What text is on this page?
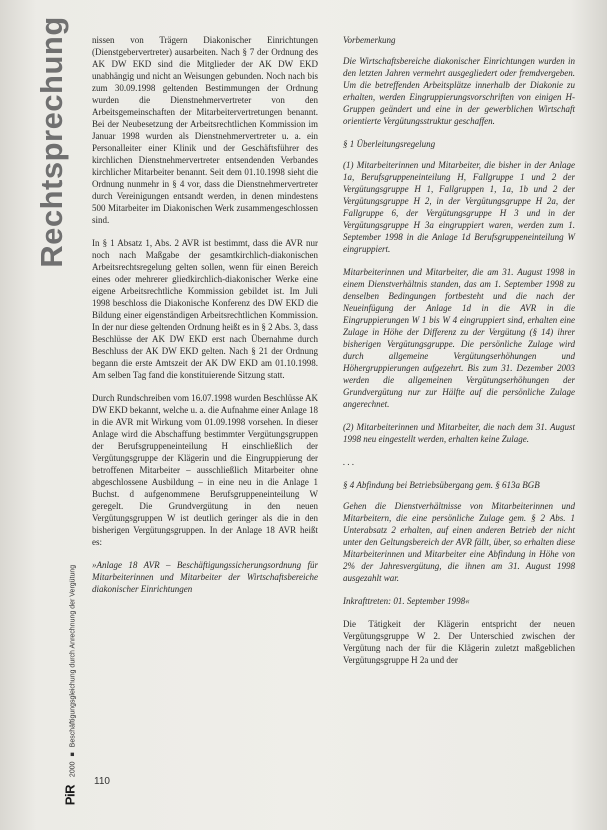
Rechtsprechung
PiR 2000 ■ Beschäftigungsgleichung durch Anrechnung der Vergütung
110

nissen von Trägern Diakonischer Einrichtungen (Dienstgebervertreter) ausarbeiten. Nach § 7 der Ordnung des AK DW EKD sind die Mitglieder der AK DW EKD unabhängig und nicht an Weisungen gebunden. Noch nach bis zum 30.09.1998 geltenden Bestimmungen der Ordnung wurden die Dienstnehmervertreter von den Arbeitsgemeinschaften der Mitarbeitervertretungen benannt. Bei der Neubesetzung der Arbeitsrechtlichen Kommission im Januar 1998 wurden als Dienstnehmervertreter u. a. ein Personalleiter einer Klinik und der Geschäftsführer des kirchlichen Dienstnehmervertreter entsendenden Verbandes kirchlicher Mitarbeiter benannt. Seit dem 01.10.1998 sieht die Ordnung nunmehr in § 4 vor, dass die Dienstnehmervertreter durch Vereinigungen entsandt werden, in denen mindestens 500 Mitarbeiter im Diakonischen Werk zusammengeschlossen sind.

In § 1 Absatz 1, Abs. 2 AVR ist bestimmt, dass die AVR nur noch nach Maßgabe der gesamtkirchlich-diakonischen Arbeitsrechtsregelung gelten sollen, wenn für einen Bereich eines oder mehrerer gliedkirchlich-diakonischer Werke eine eigene Arbeitsrechtliche Kommission gebildet ist. Im Juli 1998 beschloss die Diakonische Konferenz des DW EKD die Bildung einer eigenständigen Arbeitsrechtlichen Kommission. In der nur diese geltenden Ordnung heißt es in § 2 Abs. 3, dass Beschlüsse der AK DW EKD erst nach Übernahme durch Beschluss der AK DW EKD gelten. Nach § 21 der Ordnung begann die erste Amtszeit der AK DW EKD am 01.10.1998. Am selben Tag fand die konstituierende Sitzung statt.

Durch Rundschreiben vom 16.07.1998 wurden Beschlüsse AK DW EKD bekannt, welche u. a. die Aufnahme einer Anlage 18 in die AVR mit Wirkung vom 01.09.1998 vorsehen. In dieser Anlage wird die Abschaffung bestimmter Vergütungsgruppen der Berufsgruppeneinteilung H einschließlich der Vergütungsgruppe der Klägerin und die Eingruppierung der betroffenen Mitarbeiter – ausschließlich Mitarbeiter ohne abgeschlossene Ausbildung – in eine neu in die Anlage 1 Buchst. d aufgenommene Berufsgruppeneinteilung W geregelt. Die Grundvergütung in den neuen Vergütungsgruppen W ist deutlich geringer als die in den bisherigen Vergütungsgruppen. In der Anlage 18 AVR heißt es:

»Anlage 18 AVR – Beschäftigungssicherungsordnung für Mitarbeiterinnen und Mitarbeiter der Wirtschaftsbereiche diakonischer Einrichtungen

Vorbemerkung

Die Wirtschaftsbereiche diakonischer Einrichtungen wurden in den letzten Jahren vermehrt ausgegliedert oder fremdvergeben. Um die betreffenden Arbeitsplätze innerhalb der Diakonie zu erhalten, werden Eingruppierungsvorschriften von einigen H-Gruppen geändert und eine in der gewerblichen Wirtschaft orientierte Vergütungsstruktur geschaffen.

§ 1 Überleitungsregelung

(1) Mitarbeiterinnen und Mitarbeiter, die bisher in der Anlage 1a, Berufsgruppeneinteilung H, Fallgruppe 1 und 2 der Vergütungsgruppe H 1, Fallgruppen 1, 1a, 1b und 2 der Vergütungsgruppe H 2, in der Vergütungsgruppe H 2a, der Fallgruppe 6, der Vergütungsgruppe H 3 und in der Vergütungsgruppe H 3a eingruppiert waren, werden zum 1. September 1998 in die Anlage 1d Berufsgruppeneinteilung W eingruppiert.

Mitarbeiterinnen und Mitarbeiter, die am 31. August 1998 in einem Dienstverhältnis standen, das am 1. September 1998 zu denselben Bedingungen fortbesteht und die nach der Neueinfügung der Anlage 1d in die AVR in die Eingruppierungen W 1 bis W 4 eingruppiert sind, erhalten eine Zulage in Höhe der Differenz zu der Vergütung (§ 14) ihrer bisherigen Vergütungsgruppe. Die persönliche Zulage wird durch allgemeine Vergütungserhöhungen und Höhergruppierungen aufgezehrt. Bis zum 31. Dezember 2003 werden die allgemeinen Vergütungserhöhungen der Grundvergütung nur zur Hälfte auf die persönliche Zulage angerechnet.

(2) Mitarbeiterinnen und Mitarbeiter, die nach dem 31. August 1998 neu eingestellt werden, erhalten keine Zulage.

. . .

§ 4 Abfindung bei Betriebsübergang gem. § 613a BGB

Gehen die Dienstverhältnisse von Mitarbeiterinnen und Mitarbeitern, die eine persönliche Zulage gem. § 2 Abs. 1 Unterabsatz 2 erhalten, auf einen anderen Betrieb der nicht unter den Geltungsbereich der AVR fällt, über, so erhalten diese Mitarbeiterinnen und Mitarbeiter eine Abfindung in Höhe von 2% der Jahresvergütung, die ihnen am 31. August 1998 ausgezahlt war.

Inkrafttreten: 01. September 1998«

Die Tätigkeit der Klägerin entspricht der neuen Vergütungsgruppe W 2. Der Unterschied zwischen der Vergütung nach der für die Klägerin zuletzt maßgeblichen Vergütungsgruppe H 2a und der
